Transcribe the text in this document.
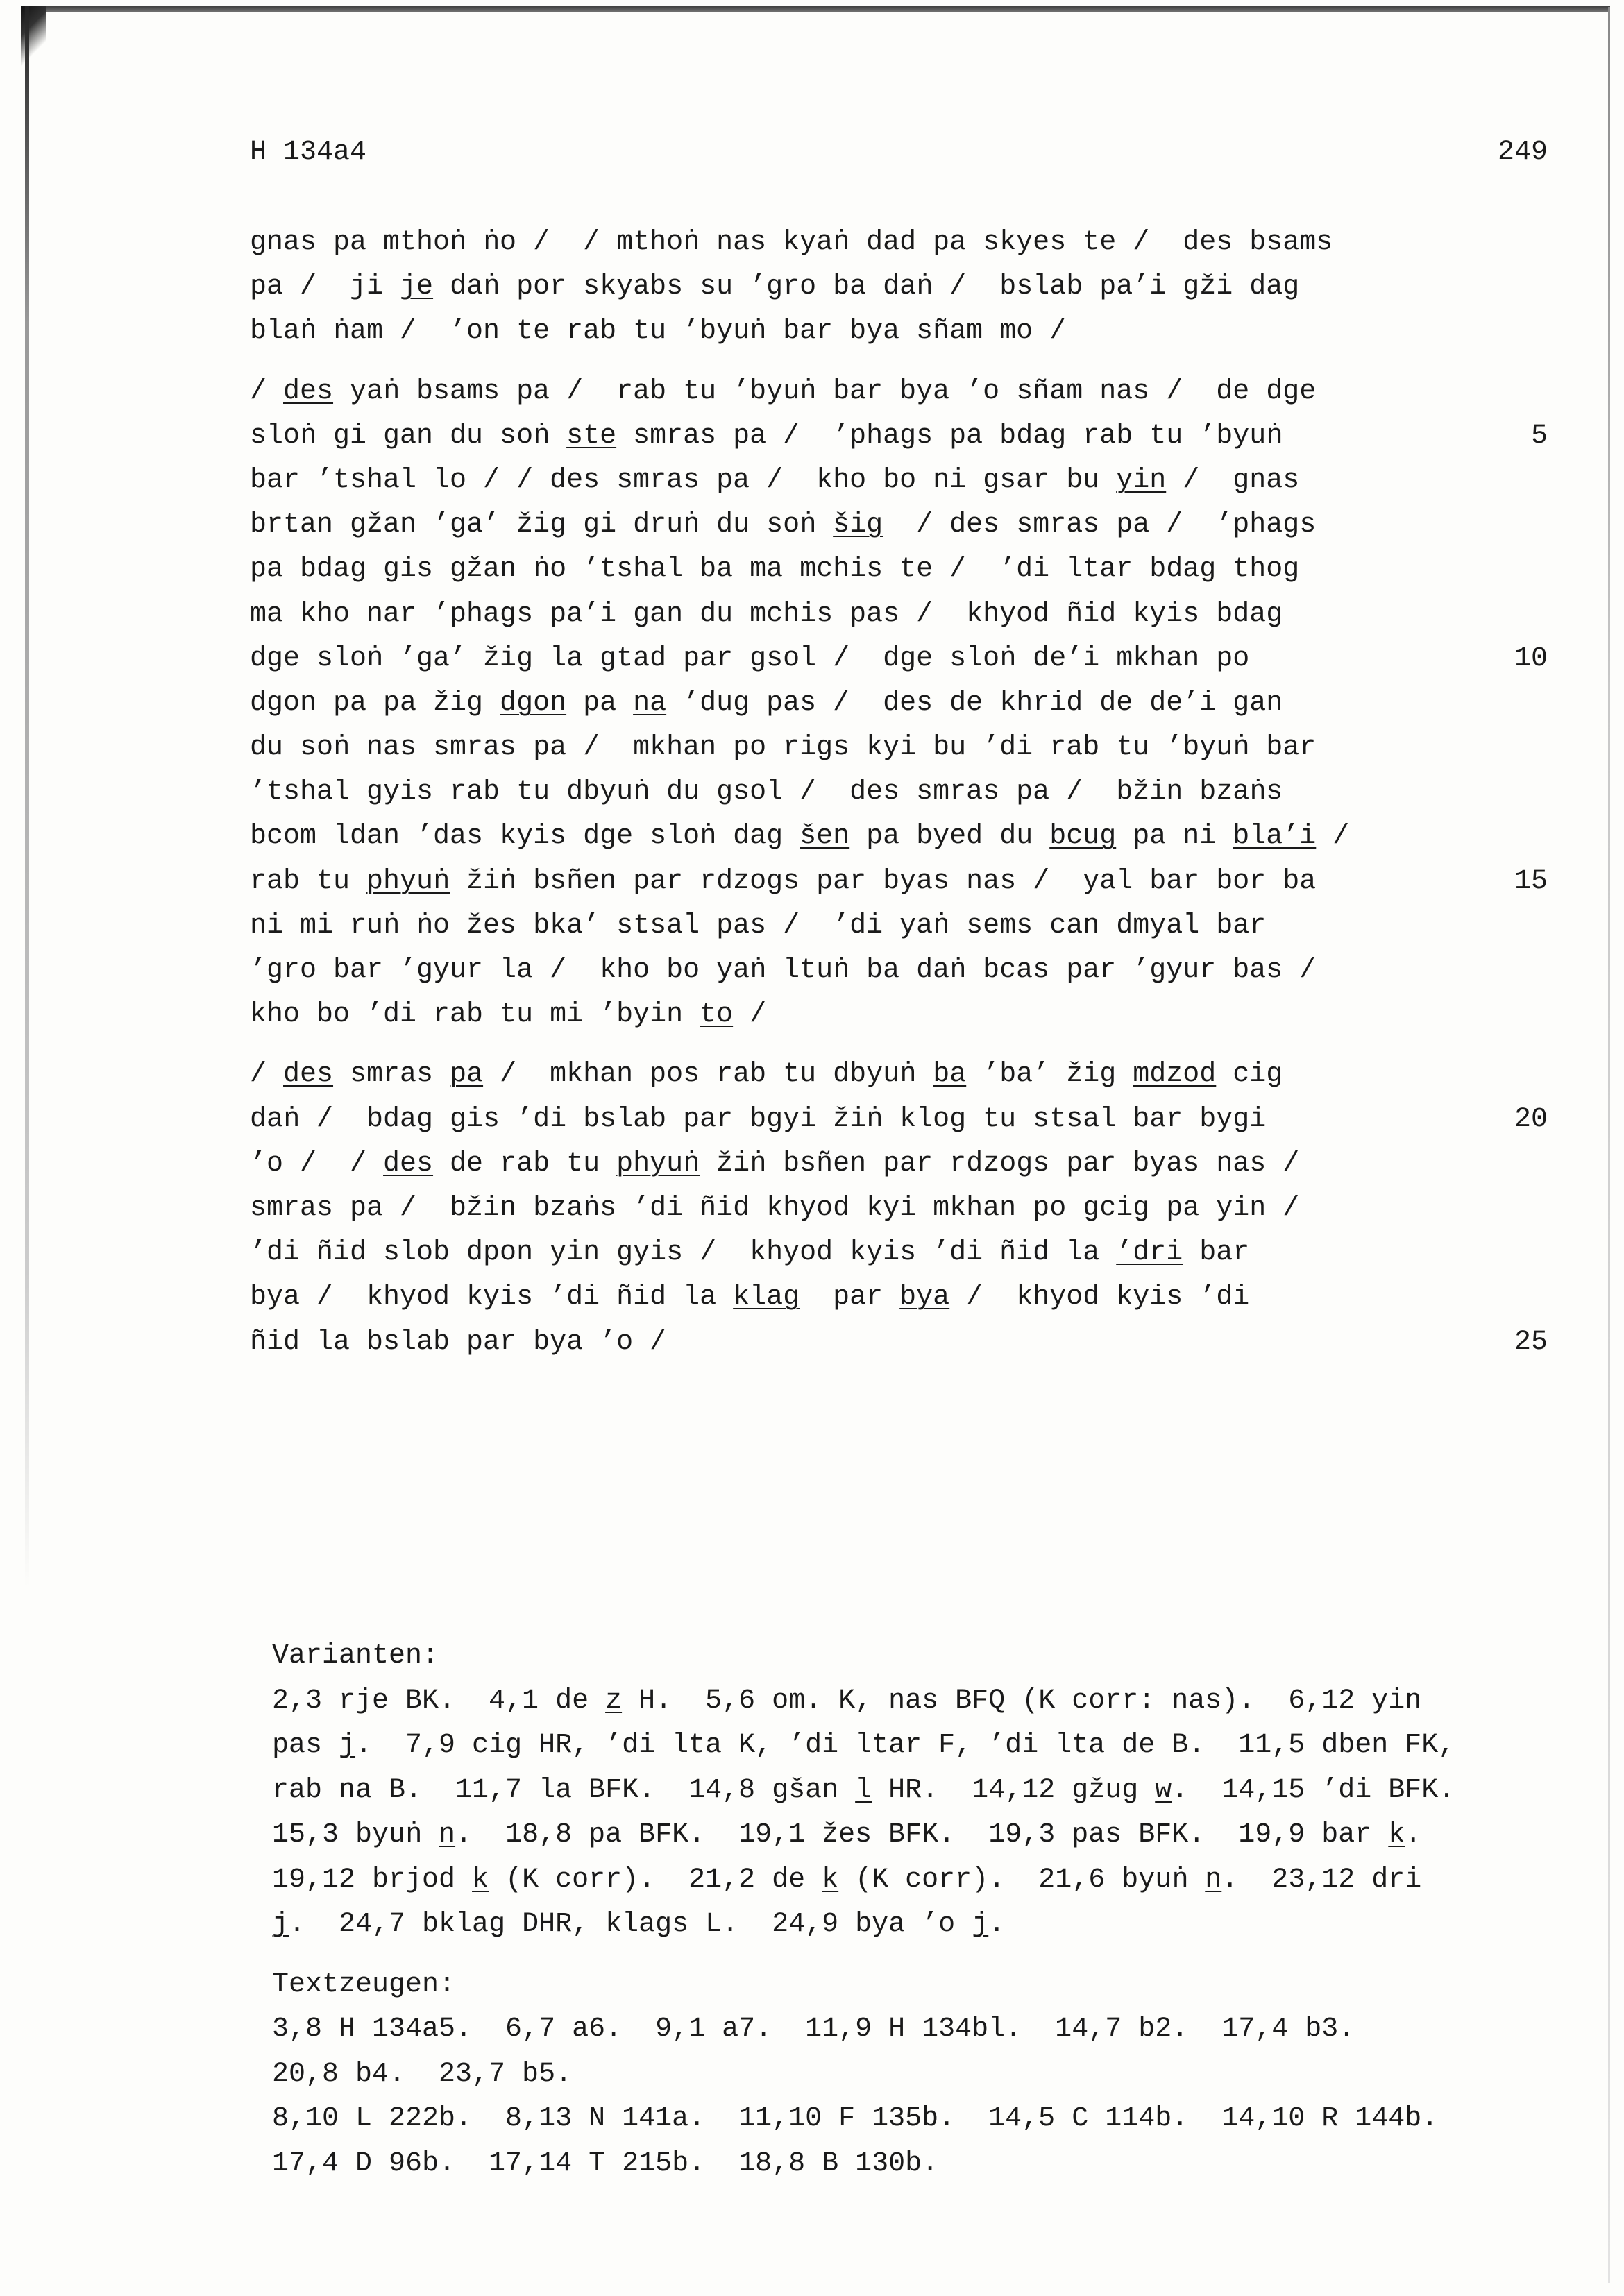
H 134a4	249
gnas pa mthoṅ ṅo /  / mthoṅ nas kyaṅ dad pa skyes te /  des bsams
pa /  ji je daṅ por skyabs su ’gro ba daṅ /  bslab pa’i gži dag
blaṅ ṅam /  ’on te rab tu ’byuṅ bar bya sñam mo /
/ des yaṅ bsams pa /  rab tu ’byuṅ bar bya ’o sñam nas /  de dge
sloṅ gi gan du soṅ ste smras pa /  ’phags pa bdag rab tu ’byuṅ	5
bar ’tshal lo / / des smras pa /  kho bo ni gsar bu yin /  gnas
brtan gžan ’ga’ žig gi druṅ du soṅ šig  / des smras pa /  ’phags
pa bdag gis gžan ṅo ’tshal ba ma mchis te /  ’di ltar bdag thog
ma kho nar ’phags pa’i gan du mchis pas /  khyod ñid kyis bdag
dge sloṅ ’ga’ žig la gtad par gsol /  dge sloṅ de’i mkhan po	10
dgon pa pa žig dgon pa na ’dug pas /  des de khrid de de’i gan
du soṅ nas smras pa /  mkhan po rigs kyi bu ’di rab tu ’byuṅ bar
’tshal gyis rab tu dbyuṅ du gsol /  des smras pa /  bžin bzaṅs
bcom ldan ’das kyis dge sloṅ dag šen pa byed du bcug pa ni bla’i /
rab tu phyuṅ žiṅ bsñen par rdzogs par byas nas /  yal bar bor ba	15
ni mi ruṅ ṅo žes bka’ stsal pas /  ’di yaṅ sems can dmyal bar
’gro bar ’gyur la /  kho bo yaṅ ltuṅ ba daṅ bcas par ’gyur bas /
kho bo ’di rab tu mi ’byin to /
/ des smras pa /  mkhan pos rab tu dbyuṅ ba ’ba’ žig mdzod cig
daṅ /  bdag gis ’di bslab par bgyi žiṅ klog tu stsal bar bygi	20
’o /  / des de rab tu phyuṅ žiṅ bsñen par rdzogs par byas nas /
smras pa /  bžin bzaṅs ’di ñid khyod kyi mkhan po gcig pa yin /
’di ñid slob dpon yin gyis /  khyod kyis ’di ñid la ’dri bar
bya /  khyod kyis ’di ñid la klag  par bya /  khyod kyis ’di
ñid la bslab par bya ’o /	25
Varianten:
2,3 rje BK.  4,1 de z H.  5,6 om. K, nas BFQ (K corr: nas).  6,12 yin
pas j.  7,9 cig HR, ’di lta K, ’di ltar F, ’di lta de B.  11,5 dben FK,
rab na B.  11,7 la BFK.  14,8 gšan l HR.  14,12 gžug w.  14,15 ’di BFK.
15,3 byuṅ n.  18,8 pa BFK.  19,1 žes BFK.  19,3 pas BFK.  19,9 bar k.
19,12 brjod k (K corr).  21,2 de k (K corr).  21,6 byuṅ n.  23,12 dri
j.  24,7 bklag DHR, klags L.  24,9 bya ’o j.
Textzeugen:
3,8 H 134a5.  6,7 a6.  9,1 a7.  11,9 H 134bl.  14,7 b2.  17,4 b3.
20,8 b4.  23,7 b5.
8,10 L 222b.  8,13 N 141a.  11,10 F 135b.  14,5 C 114b.  14,10 R 144b.
17,4 D 96b.  17,14 T 215b.  18,8 B 130b.
